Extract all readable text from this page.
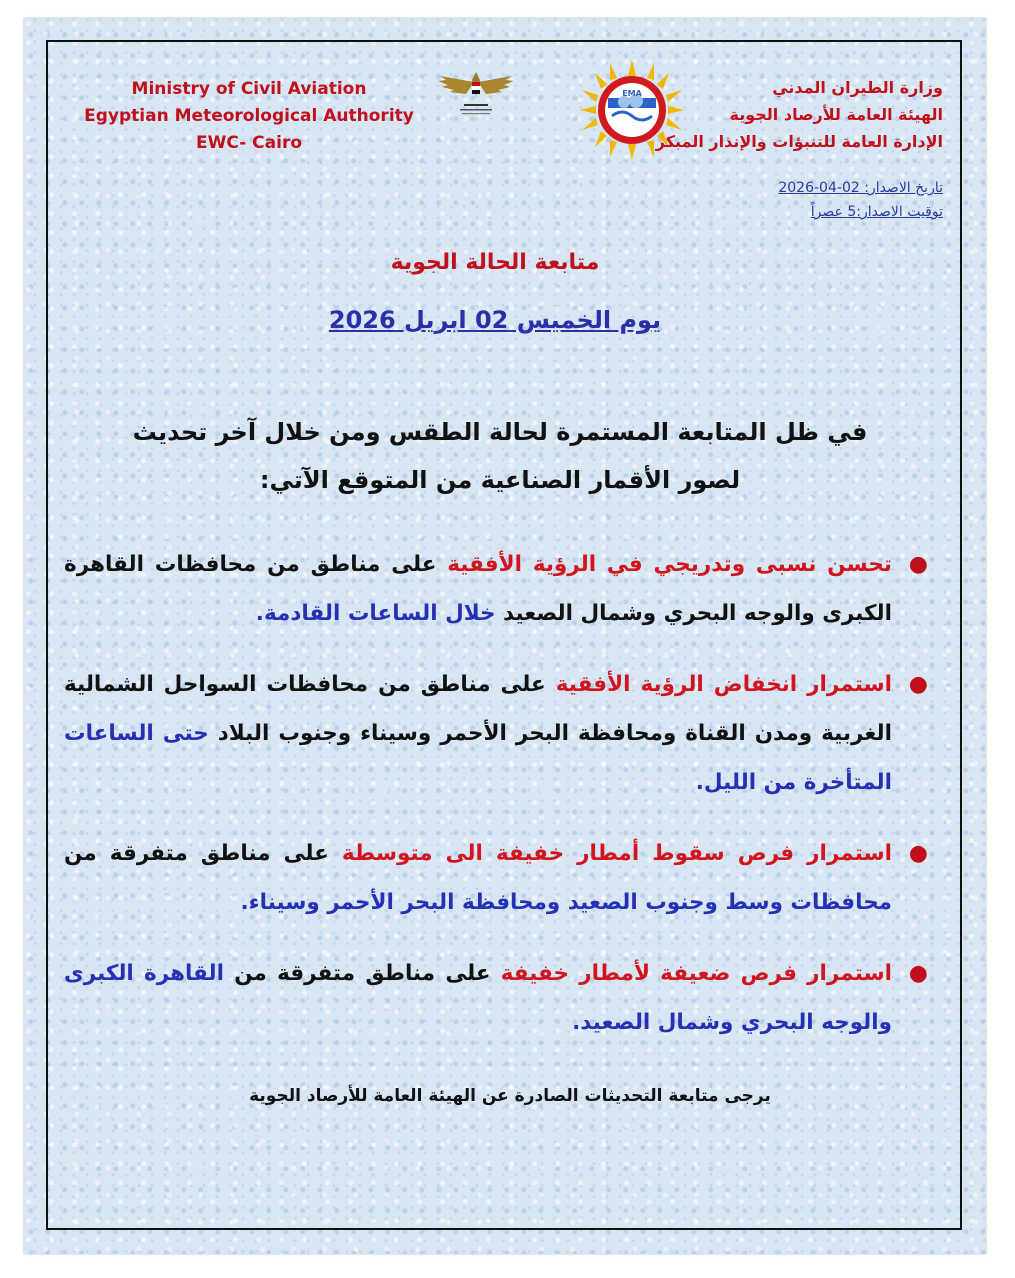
Ministry of Civil Aviation
Egyptian Meteorological Authority
EWC- Cairo
EMA	وزارة الطيران المدني
الهيئة العامة للأرصاد الجوية
الإدارة العامة للتنبؤات والإنذار المبكر
تاريخ الاصدار: 02-04-2026
توقيت الاصدار:5 عصراً
متابعة الحالة الجوية
يوم الخميس 02 ابريل 2026
في ظل المتابعة المستمرة لحالة الطقس ومن خلال آخر تحديث
لصور الأقمار الصناعية من المتوقع الآتي:
●
تحسن نسبى وتدريجي في الرؤية الأفقية على مناطق من محافظات القاهرة الكبرى والوجه البحري وشمال الصعيد خلال الساعات القادمة.
●
استمرار انخفاض الرؤية الأفقية على مناطق من محافظات السواحل الشمالية الغربية ومدن القناة ومحافظة البحر الأحمر وسيناء وجنوب البلاد حتى الساعات المتأخرة من الليل.
●
استمرار فرص سقوط أمطار خفيفة الى متوسطة على مناطق متفرقة من محافظات وسط وجنوب الصعيد ومحافظة البحر الأحمر وسيناء.
●
استمرار فرص ضعيفة لأمطار خفيفة على مناطق متفرقة من القاهرة الكبرى والوجه البحري وشمال الصعيد.
يرجى متابعة التحديثات الصادرة عن الهيئة العامة للأرصاد الجوية
